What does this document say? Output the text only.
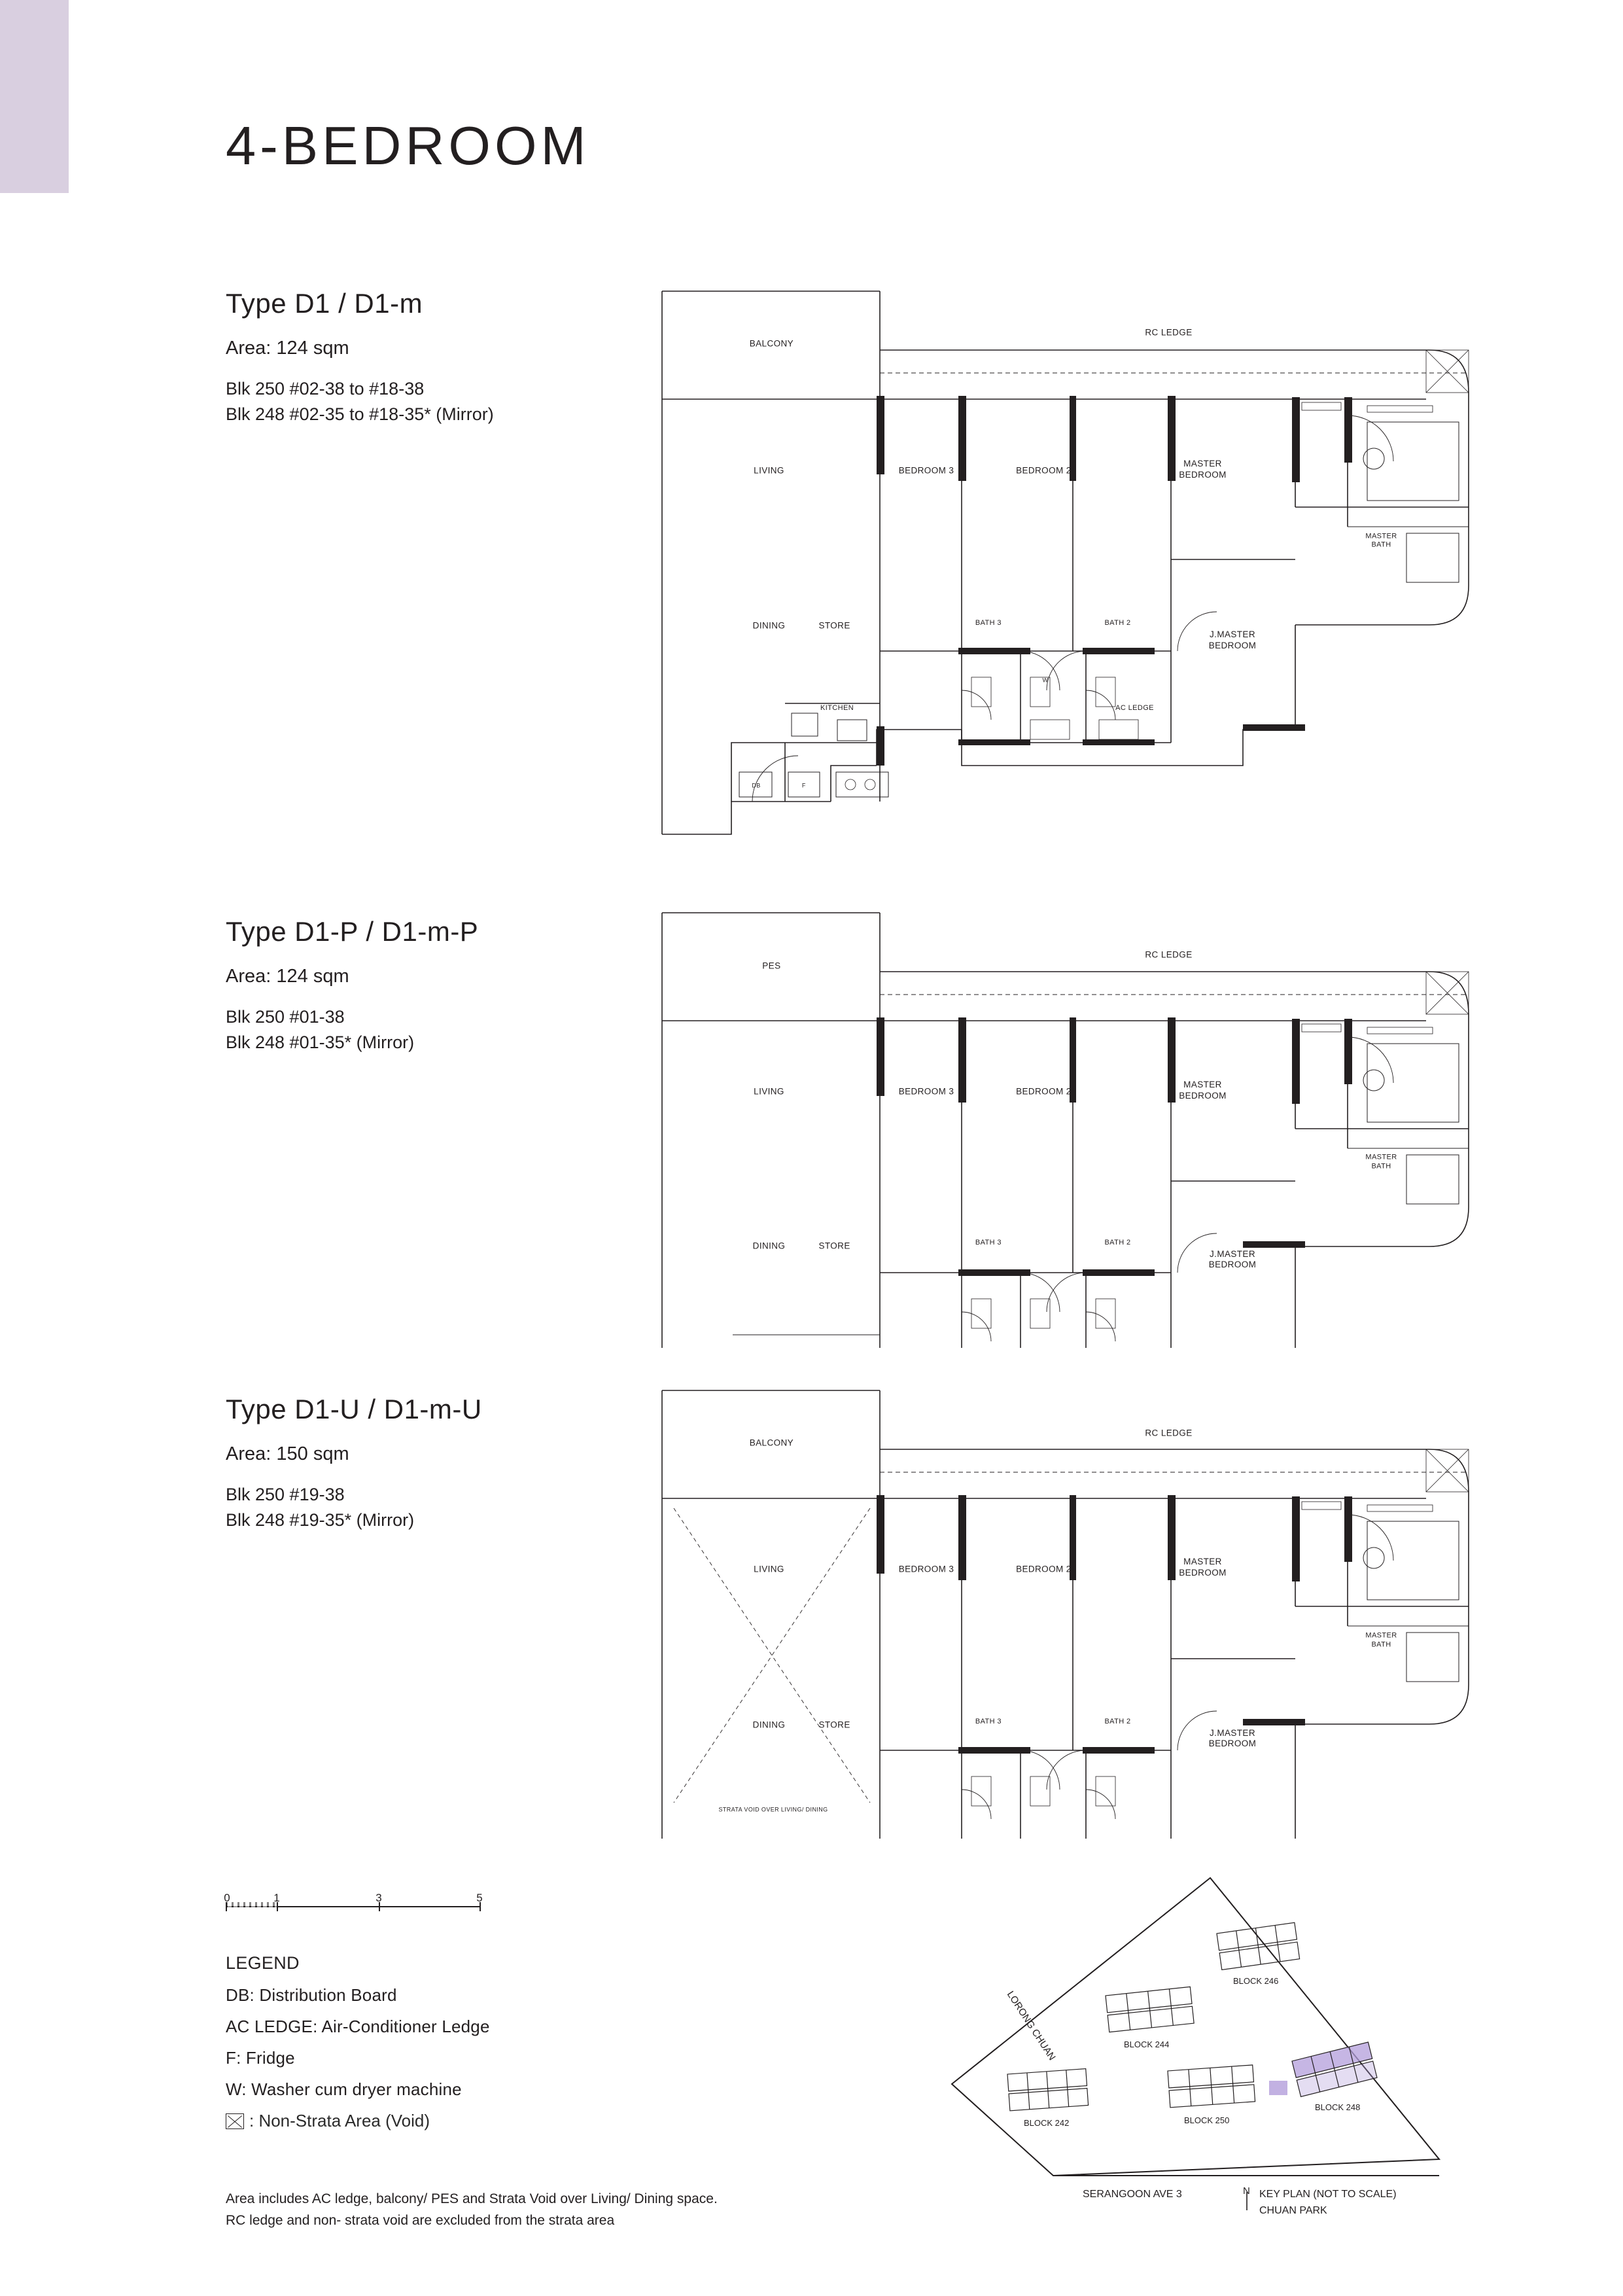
4-BEDROOM
Type D1 / D1-m
Area: 124 sqm
Blk 250 #02-38 to #18-38
Blk 248 #02-35 to #18-35* (Mirror)
BALCONY
RC LEDGE
LIVING	BEDROOM 3	BEDROOM 2
MASTER
BEDROOM
MASTER
BATH
DINING	STORE	BATH 3	BATH 2
J.MASTER
BEDROOM
KITCHEN	AC LEDGE
DB	F
W
Type D1-P / D1-m-P
Area: 124 sqm
Blk 250 #01-38
Blk 248 #01-35* (Mirror)
PES
RC LEDGE
LIVING	BEDROOM 3	BEDROOM 2
MASTER
BEDROOM
MASTER
BATH
DINING	STORE	BATH 3	BATH 2
J.MASTER
BEDROOM
Type D1-U / D1-m-U
Area: 150 sqm
Blk 250 #19-38
Blk 248 #19-35* (Mirror)
BALCONY
RC LEDGE
LIVING	BEDROOM 3	BEDROOM 2
MASTER
BEDROOM
MASTER
BATH
DINING	STORE	BATH 3	BATH 2
J.MASTER
BEDROOM
STRATA VOID OVER LIVING/ DINING
0	1	3	5
LEGEND

DB: Distribution Board

AC LEDGE: Air-Conditioner Ledge

F: Fridge

W: Washer cum dryer machine

: Non-Strata Area (Void)
Area includes AC ledge, balcony/ PES and Strata Void over Living/ Dining space.
RC ledge and non- strata void are excluded from the strata area
LORONG CHUAN
SERANGOON AVE 3
BLOCK 246
BLOCK 244
BLOCK 242	BLOCK 250
BLOCK 248
N KEY PLAN (NOT TO SCALE)
CHUAN PARK
